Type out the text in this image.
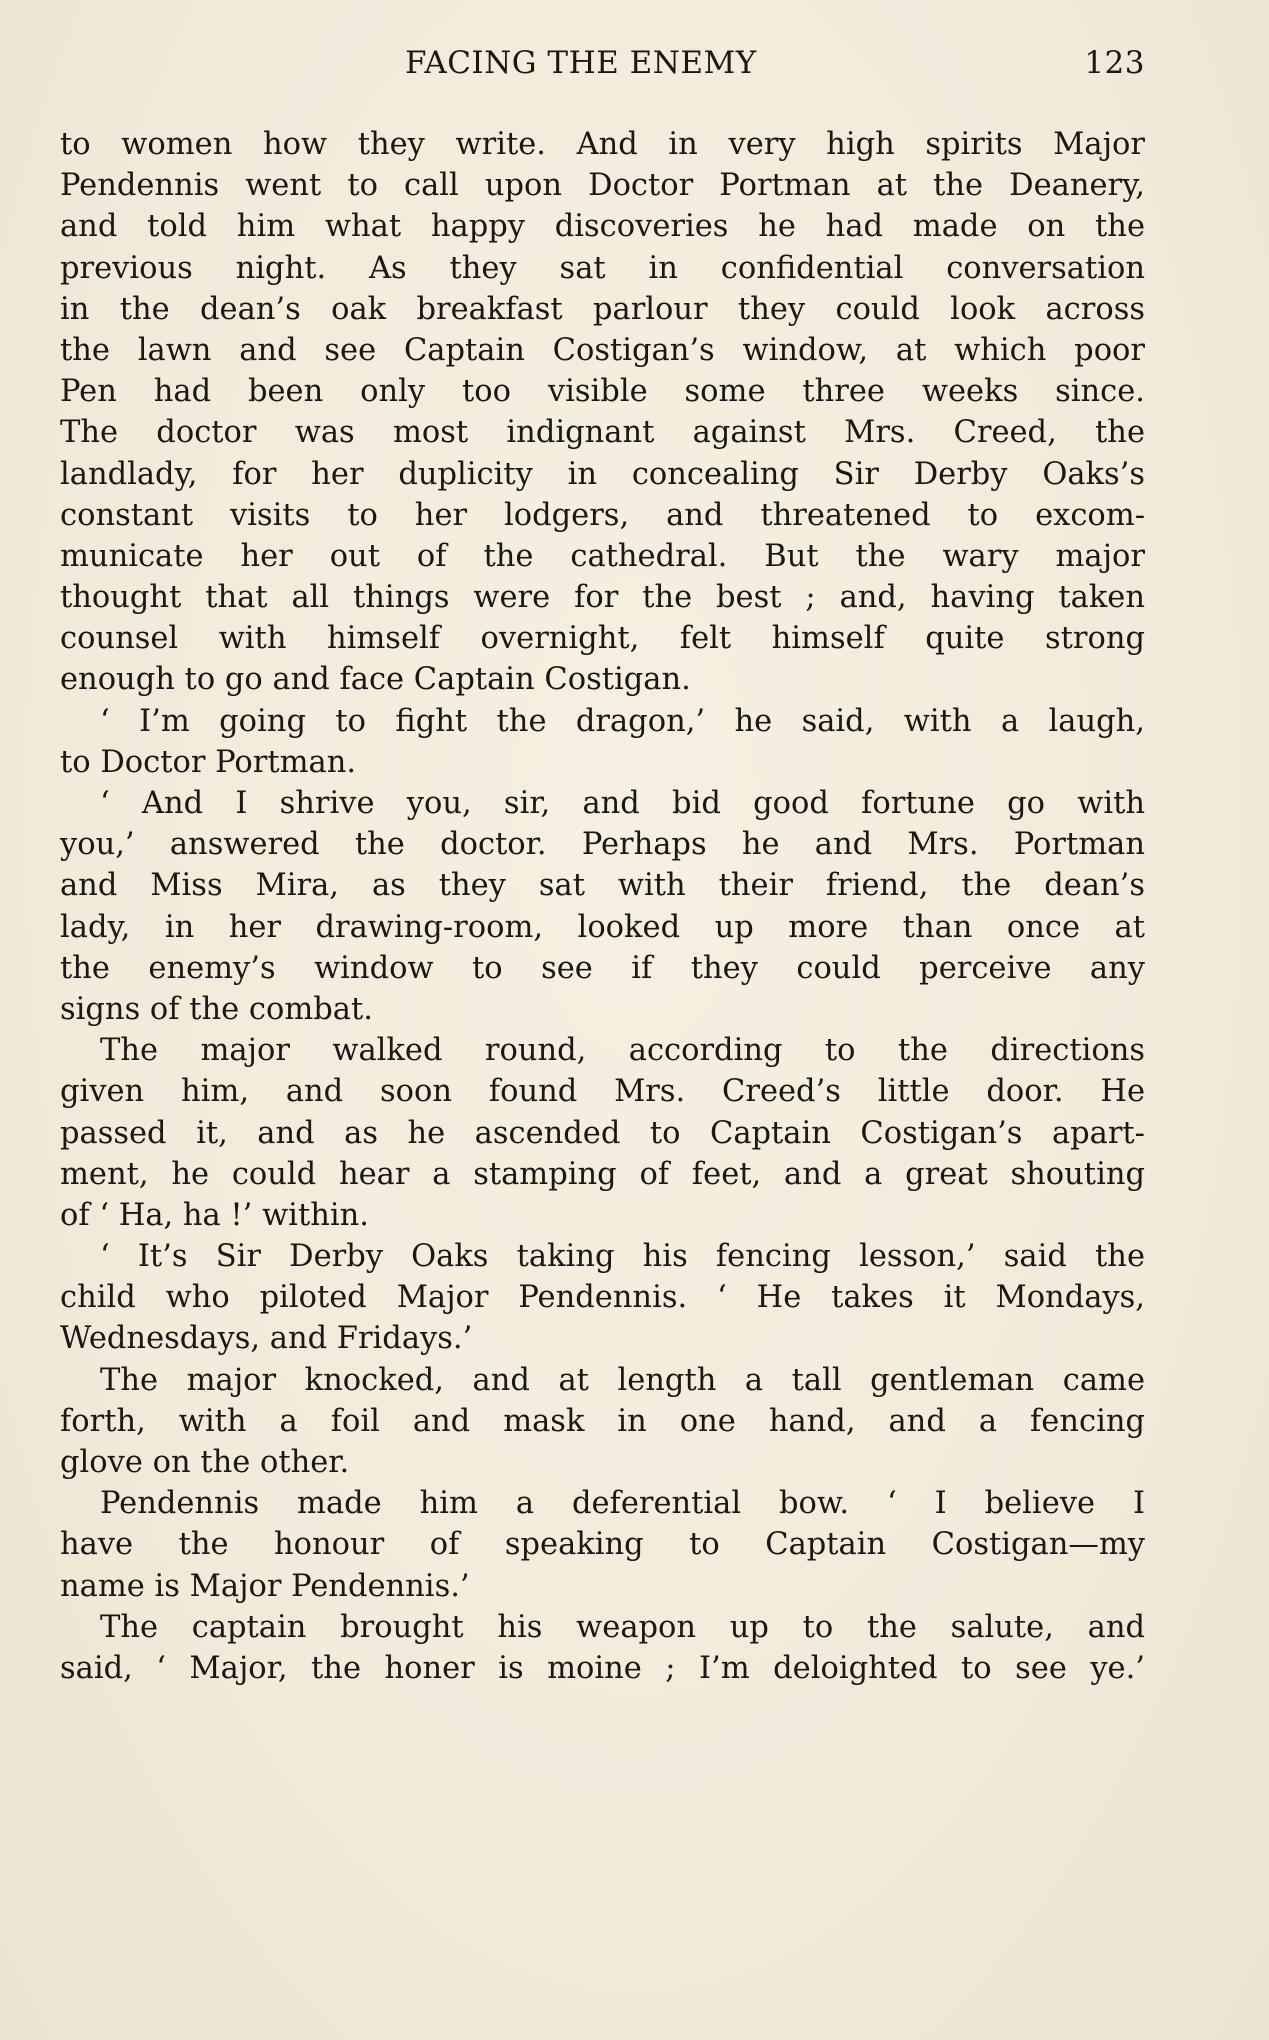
FACING THE ENEMY	123
to women how they write. And in very high spirits Major
Pendennis went to call upon Doctor Portman at the Deanery,
and told him what happy discoveries he had made on the
previous night. As they sat in confidential conversation
in the dean’s oak breakfast parlour they could look across
the lawn and see Captain Costigan’s window, at which poor
Pen had been only too visible some three weeks since.
The doctor was most indignant against Mrs. Creed, the
landlady, for her duplicity in concealing Sir Derby Oaks’s
constant visits to her lodgers, and threatened to excom-
municate her out of the cathedral. But the wary major
thought that all things were for the best ; and, having taken
counsel with himself overnight, felt himself quite strong
enough to go and face Captain Costigan.
‘ I’m going to fight the dragon,’ he said, with a laugh,
to Doctor Portman.
‘ And I shrive you, sir, and bid good fortune go with
you,’ answered the doctor. Perhaps he and Mrs. Portman
and Miss Mira, as they sat with their friend, the dean’s
lady, in her drawing-room, looked up more than once at
the enemy’s window to see if they could perceive any
signs of the combat.
The major walked round, according to the directions
given him, and soon found Mrs. Creed’s little door. He
passed it, and as he ascended to Captain Costigan’s apart-
ment, he could hear a stamping of feet, and a great shouting
of ‘ Ha, ha !’ within.
‘ It’s Sir Derby Oaks taking his fencing lesson,’ said the
child who piloted Major Pendennis. ‘ He takes it Mondays,
Wednesdays, and Fridays.’
The major knocked, and at length a tall gentleman came
forth, with a foil and mask in one hand, and a fencing
glove on the other.
Pendennis made him a deferential bow. ‘ I believe I
have the honour of speaking to Captain Costigan—my
name is Major Pendennis.’
The captain brought his weapon up to the salute, and
said, ‘ Major, the honer is moine ; I’m deloighted to see ye.’
